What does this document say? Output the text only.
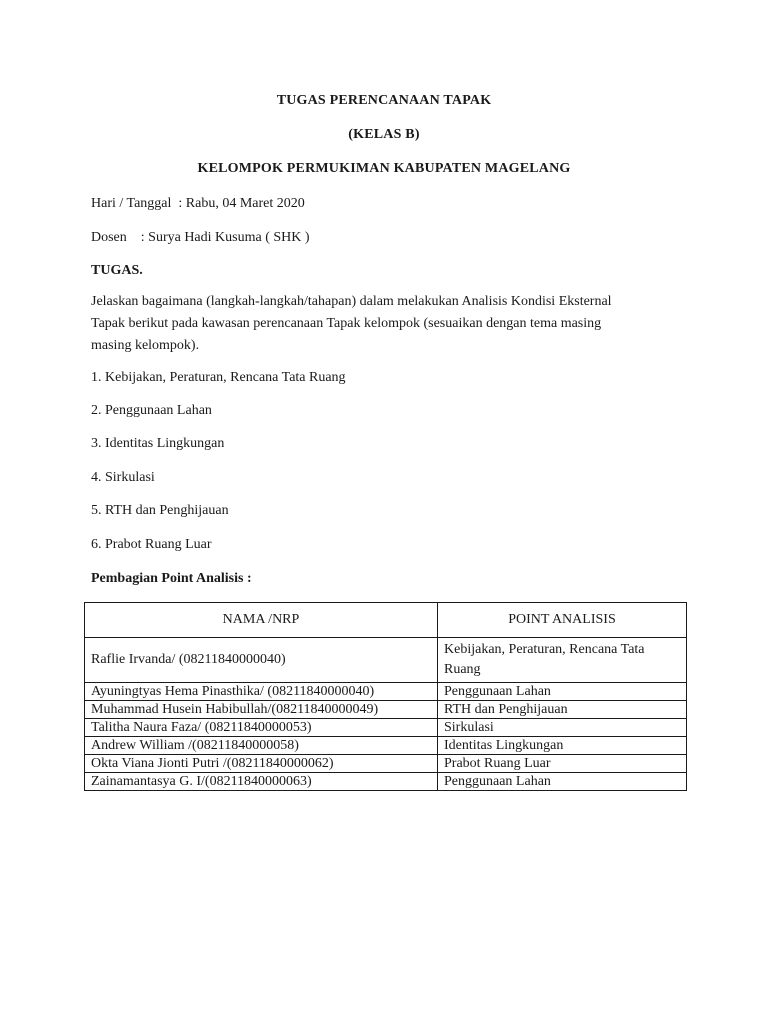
TUGAS PERENCANAAN TAPAK
(KELAS B)
KELOMPOK PERMUKIMAN KABUPATEN MAGELANG
Hari / Tanggal  : Rabu, 04 Maret 2020
Dosen    : Surya Hadi Kusuma ( SHK )
TUGAS.
Jelaskan bagaimana (langkah-langkah/tahapan) dalam melakukan Analisis Kondisi Eksternal
Tapak berikut pada kawasan perencanaan Tapak kelompok (sesuaikan dengan tema masing
masing kelompok).
1. Kebijakan, Peraturan, Rencana Tata Ruang
2. Penggunaan Lahan
3. Identitas Lingkungan
4. Sirkulasi
5. RTH dan Penghijauan
6. Prabot Ruang Luar
Pembagian Point Analisis :
NAMA /NRP	POINT ANALISIS
Raflie Irvanda/ (08211840000040)	Kebijakan, Peraturan, Rencana Tata
Ruang

Ayuningtyas Hema Pinasthika/ (08211840000040)	Penggunaan Lahan
Muhammad Husein Habibullah/(08211840000049)	RTH dan Penghijauan
Talitha Naura Faza/ (08211840000053)	Sirkulasi
Andrew William /(08211840000058)	Identitas Lingkungan
Okta Viana Jionti Putri /(08211840000062)	Prabot Ruang Luar
Zainamantasya G. I/(08211840000063)	Penggunaan Lahan
